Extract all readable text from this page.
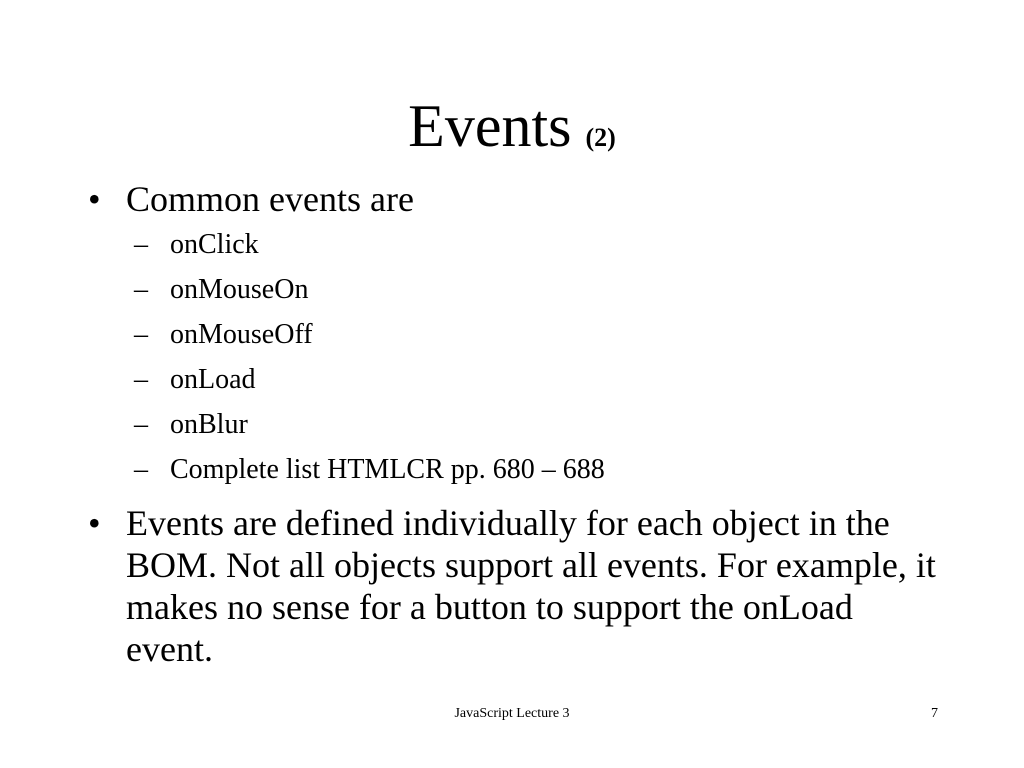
Events (2)
• Common events are
– onClick
– onMouseOn
– onMouseOff
– onLoad
– onBlur
– Complete list HTMLCR pp. 680 – 688
• Events are defined individually for each object in the BOM. Not all objects support all events. For example, it makes no sense for a button to support the onLoad event.
JavaScript Lecture 3	7
